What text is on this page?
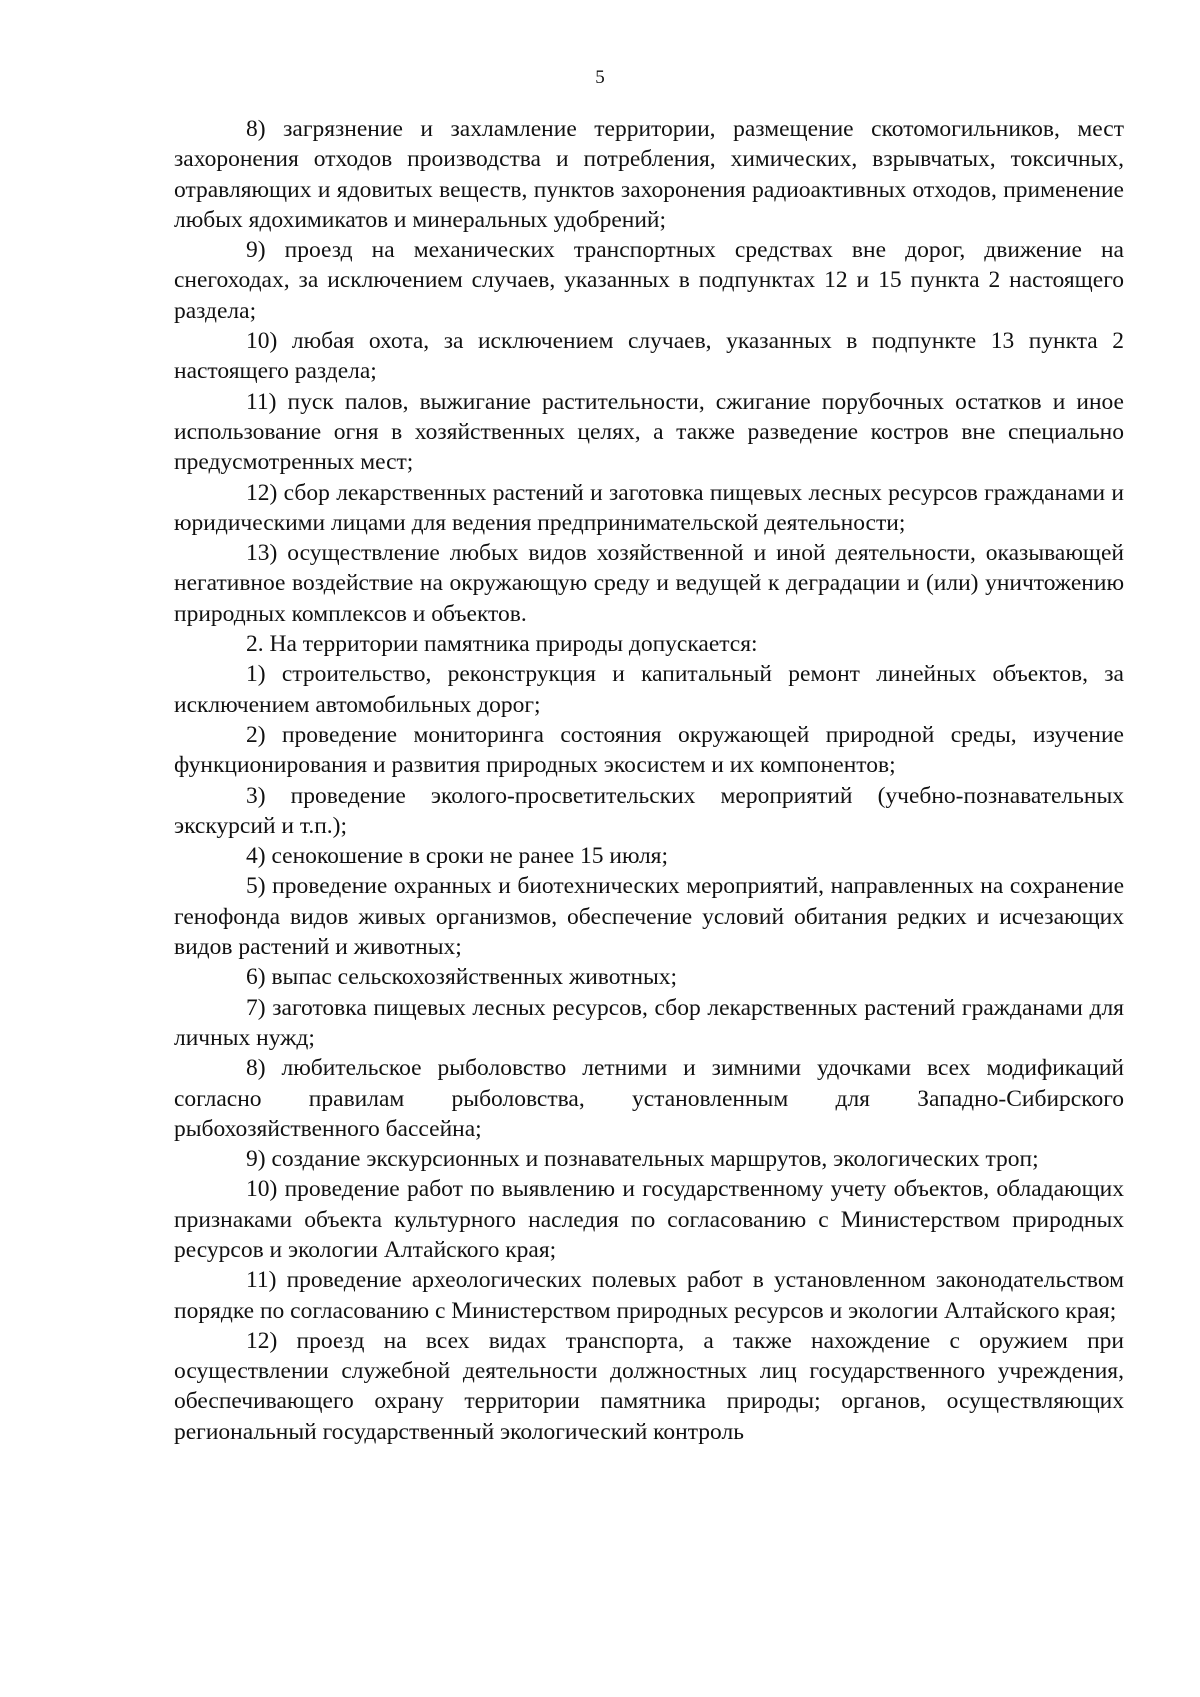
5

8) загрязнение и захламление территории, размещение скотомогильников, мест захоронения отходов производства и потребления, химических, взрывчатых, токсичных, отравляющих и ядовитых веществ, пунктов захоронения радиоактивных отходов, применение любых ядохимикатов и минеральных удобрений;

9) проезд на механических транспортных средствах вне дорог, движение на снегоходах, за исключением случаев, указанных в подпунктах 12 и 15 пункта 2 настоящего раздела;

10) любая охота, за исключением случаев, указанных в подпункте 13 пункта 2 настоящего раздела;

11) пуск палов, выжигание растительности, сжигание порубочных остатков и иное использование огня в хозяйственных целях, а также разведение костров вне специально предусмотренных мест;

12) сбор лекарственных растений и заготовка пищевых лесных ресурсов гражданами и юридическими лицами для ведения предпринимательской деятельности;

13) осуществление любых видов хозяйственной и иной деятельности, оказывающей негативное воздействие на окружающую среду и ведущей к деградации и (или) уничтожению природных комплексов и объектов.

2. На территории памятника природы допускается:

1) строительство, реконструкция и капитальный ремонт линейных объектов, за исключением автомобильных дорог;

2) проведение мониторинга состояния окружающей природной среды, изучение функционирования и развития природных экосистем и их компонентов;

3) проведение эколого-просветительских мероприятий (учебно-познавательных экскурсий и т.п.);

4) сенокошение в сроки не ранее 15 июля;

5) проведение охранных и биотехнических мероприятий, направленных на сохранение генофонда видов живых организмов, обеспечение условий обитания редких и исчезающих видов растений и животных;

6) выпас сельскохозяйственных животных;

7) заготовка пищевых лесных ресурсов, сбор лекарственных растений гражданами для личных нужд;

8) любительское рыболовство летними и зимними удочками всех модификаций согласно правилам рыболовства, установленным для Западно-Сибирского рыбохозяйственного бассейна;

9) создание экскурсионных и познавательных маршрутов, экологических троп;

10) проведение работ по выявлению и государственному учету объектов, обладающих признаками объекта культурного наследия по согласованию с Министерством природных ресурсов и экологии Алтайского края;

11) проведение археологических полевых работ в установленном законодательством порядке по согласованию с Министерством природных ресурсов и экологии Алтайского края;

12) проезд на всех видах транспорта, а также нахождение с оружием при осуществлении служебной деятельности должностных лиц государственного учреждения, обеспечивающего охрану территории памятника природы; органов, осуществляющих региональный государственный экологический контроль
